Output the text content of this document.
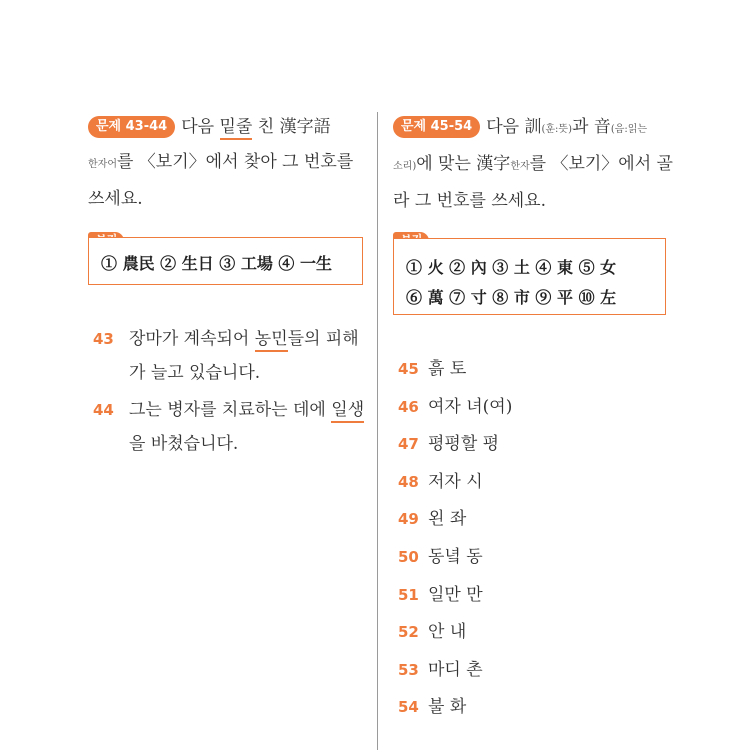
문제 43-44 다음 밑줄 친 漢字語
한자어를 〈보기〉에서 찾아 그 번호를
쓰세요.

① 農民 ② 生日 ③ 工場 ④ 一生
43 장마가 계속되어 농민들의 피해
가 늘고 있습니다.
44 그는 병자를 치료하는 데에 일생
을 바쳤습니다.

문제 45-54 다음 訓(훈:뜻)과 音(음:읽는
소리)에 맞는 漢字한자를 〈보기〉에서 골
라 그 번호를 쓰세요.

① 火 ② 內 ③ 土 ④ 東 ⑤ 女
⑥ 萬 ⑦ 寸 ⑧ 市 ⑨ 平 ⑩ 左
45 흙 토
46 여자 녀(여)
47 평평할 평
48 저자 시
49 왼 좌
50 동녘 동
51 일만 만
52 안 내
53 마디 촌
54 불 화
